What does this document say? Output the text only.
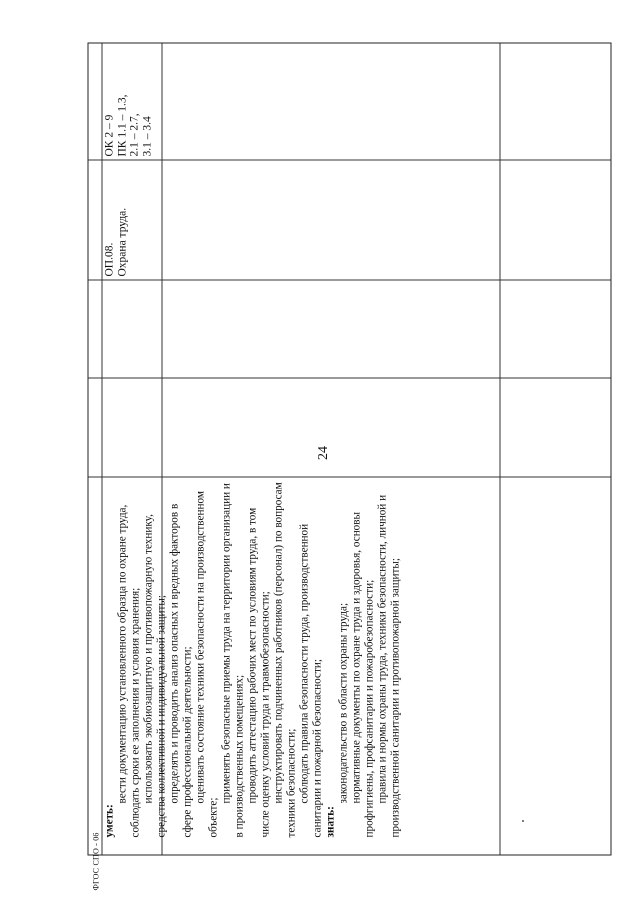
24

уметь:

вести документацию установленного образца по охране труда, соблюдать сроки ее заполнения и условия хранения; использовать экобиозащитную и противопожарную технику, средства коллективной и индивидуальной защиты; определять и проводить анализ опасных и вредных факторов в сфере профессиональной деятельности; оценивать состояние техники безопасности на производственном объекте;

применять безопасные приемы труда на территории организации и в производственных помещениях; проводить аттестацию рабочих мест по условиям труда, в том числе оценку условий труда и травмобезопасности; инструктировать подчиненных работников (персонал) по вопросам техники безопасности; соблюдать правила безопасности труда, производственной санитарии и пожарной безопасности; знать:

законодательство в области охраны труда; нормативные документы по охране труда и здоровья, основы профгигиены, профсанитарии и пожаробезопасности; правила и нормы охраны труда, техники безопасности, личной и производственной санитарии и противопожарной защиты;

ОП.08. Охрана труда.
ОК 2 – 9 ПК 1.1 – 1.3, 2.1 – 2.7, 3.1 – 3.4
ФГОС СПО - 06
